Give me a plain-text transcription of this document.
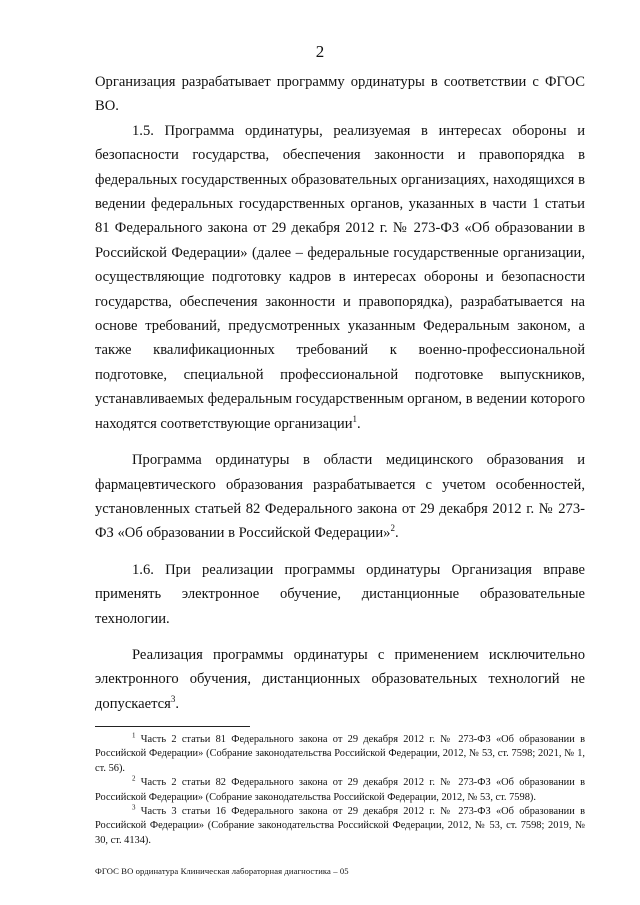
2

Организация разрабатывает программу ординатуры в соответствии с ФГОС ВО.

1.5. Программа ординатуры, реализуемая в интересах обороны и безопасности государства, обеспечения законности и правопорядка в федеральных государственных образовательных организациях, находящихся в ведении федеральных государственных органов, указанных в части 1 статьи 81 Федерального закона от 29 декабря 2012 г. № 273-ФЗ «Об образовании в Российской Федерации» (далее – федеральные государственные организации, осуществляющие подготовку кадров в интересах обороны и безопасности государства, обеспечения законности и правопорядка), разрабатывается на основе требований, предусмотренных указанным Федеральным законом, а также квалификационных требований к военно-профессиональной подготовке, специальной профессиональной подготовке выпускников, устанавливаемых федеральным государственным органом, в ведении которого находятся соответствующие организации$^1$.

Программа ординатуры в области медицинского образования и фармацевтического образования разрабатывается с учетом особенностей, установленных статьей 82 Федерального закона от 29 декабря 2012 г. № 273-ФЗ «Об образовании в Российской Федерации»$^2$.

1.6. При реализации программы ординатуры Организация вправе применять электронное обучение, дистанционные образовательные технологии.

Реализация программы ординатуры с применением исключительно электронного обучения, дистанционных образовательных технологий не допускается$^3$.

$^1$ Часть 2 статьи 81 Федерального закона от 29 декабря 2012 г. № 273-ФЗ «Об образовании в Российской Федерации» (Собрание законодательства Российской Федерации, 2012, № 53, ст. 7598; 2021, № 1, ст. 56).

$^2$ Часть 2 статьи 82 Федерального закона от 29 декабря 2012 г. № 273-ФЗ «Об образовании в Российской Федерации» (Собрание законодательства Российской Федерации, 2012, № 53, ст. 7598).

$^3$ Часть 3 статьи 16 Федерального закона от 29 декабря 2012 г. № 273-ФЗ «Об образовании в Российской Федерации» (Собрание законодательства Российской Федерации, 2012, № 53, ст. 7598; 2019, № 30, ст. 4134).

ФГОС ВО ординатура Клиническая лабораторная диагностика – 05
